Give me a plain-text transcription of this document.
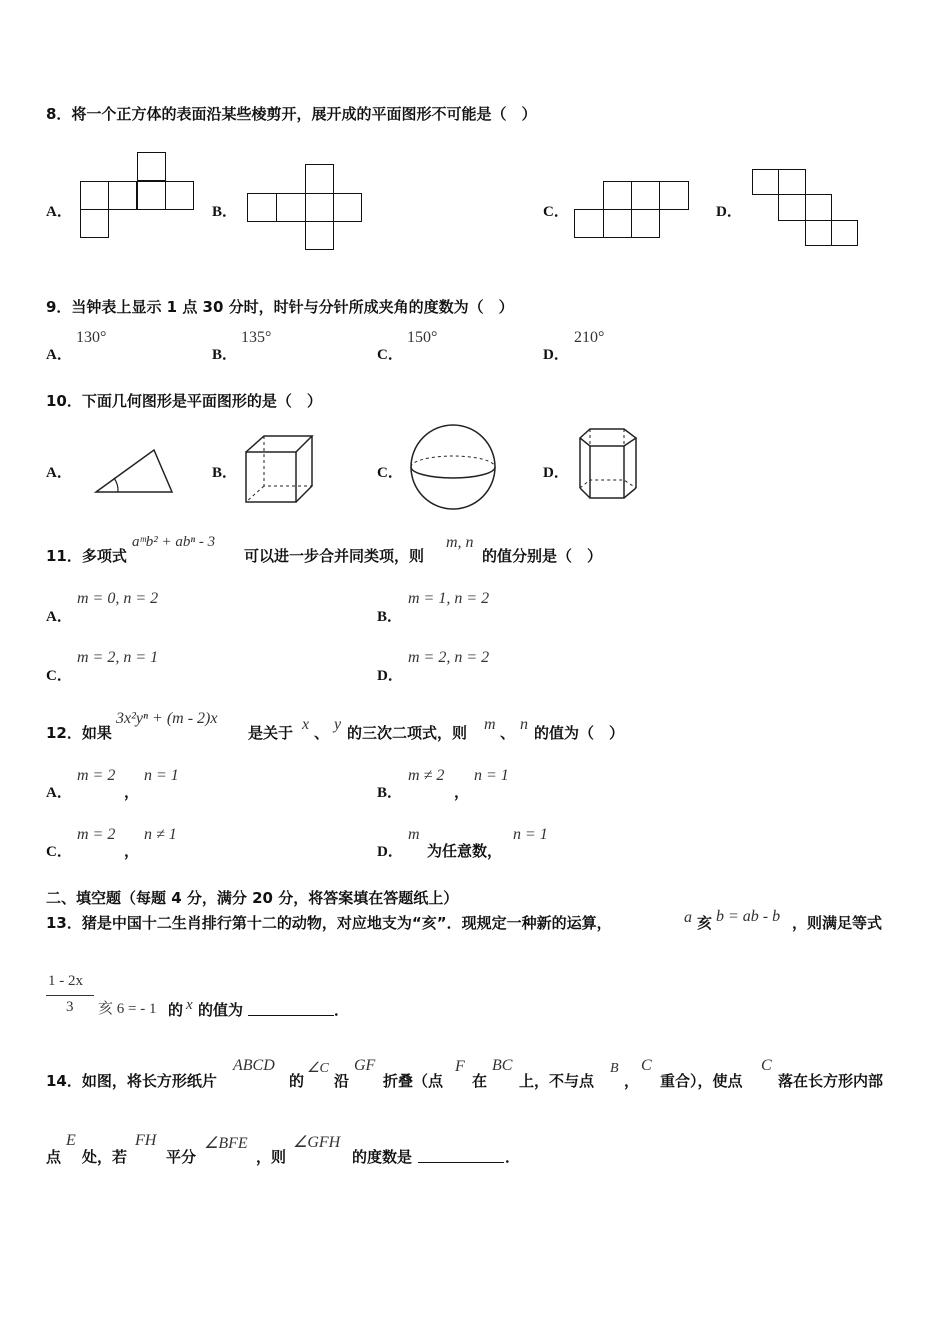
8．将一个正方体的表面沿某些棱剪开，展开成的平面图形不可能是（　）
A．	B．	C．	D．
9．当钟表上显示 1 点 30 分时，时针与分针所成夹角的度数为（　）
A．
130°
B．
135°
C．
150°
D．
210°
10．下面几何图形是平面图形的是（　）
A．	B．	C．	D．
11．多项式
aᵐb² + abⁿ - 3
可以进一步合并同类项，则
m, n
的值分别是（　）
A．
m = 0, n = 2
B．
m = 1, n = 2
C．
m = 2, n = 1
D．
m = 2, n = 2
12．如果
3x²yⁿ + (m - 2)x
是关于 x 、 y 的三次二项式，则 m 、 n 的值为（　）
A．
m = 2
，
n = 1
B．
m ≠ 2
，
n = 1
C．
m = 2
，
n ≠ 1
D．
m
为任意数，
n = 1
二、填空题（每题 4 分，满分 20 分，将答案填在答题纸上）
13．猪是中国十二生肖排行第十二的动物，对应地支为“亥”．现规定一种新的运算，	a 亥 b = ab - b ，则满足等式
1 - 2x
3 亥 6 = - 1 的 x 的值为	．
14．如图，将长方形纸片
ABCD
的
∠C
沿
GF
折叠（点
F
在
BC
上，不与点
B
，
C
重合），使点
C
落在长方形内部
点
E
处，若
FH
平分
∠BFE
，则
∠GFH
的度数是	．
